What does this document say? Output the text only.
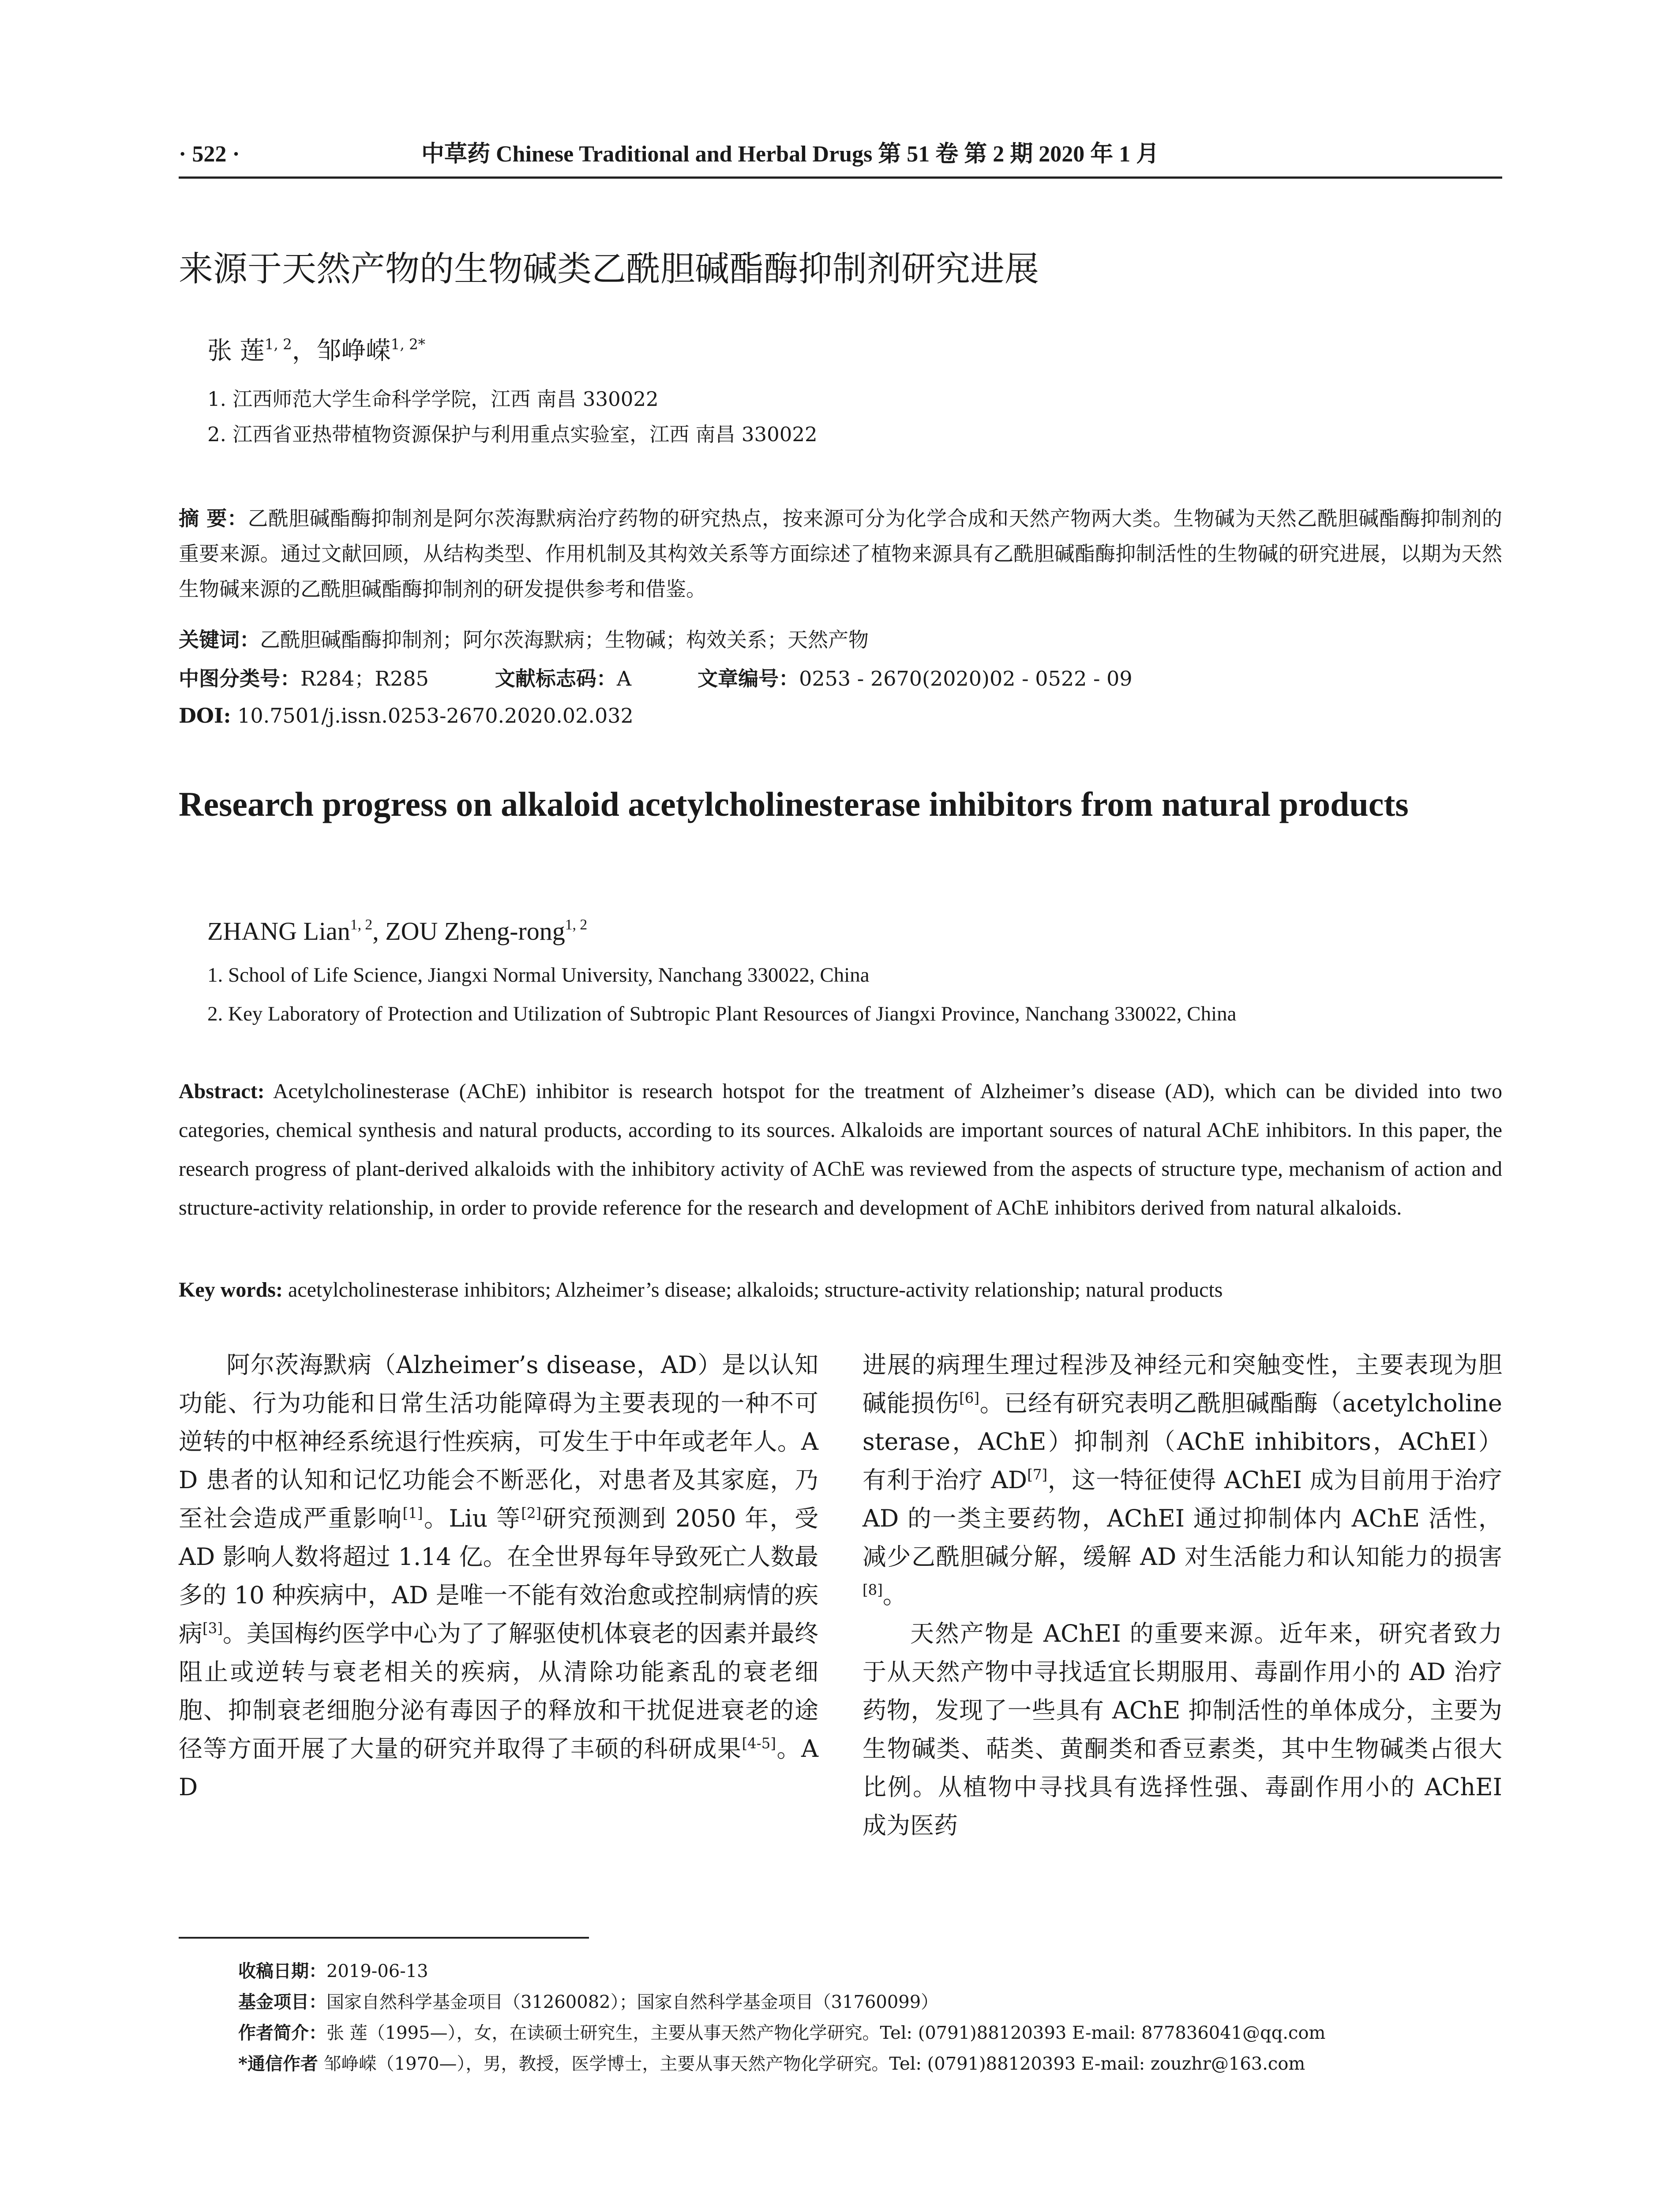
· 522 ·	中草药 Chinese Traditional and Herbal Drugs 第 51 卷 第 2 期 2020 年 1 月
来源于天然产物的生物碱类乙酰胆碱酯酶抑制剂研究进展
张 莲$^{1, 2}$，邹峥嵘$^{1, 2*}$
1. 江西师范大学生命科学学院，江西 南昌 330022
2. 江西省亚热带植物资源保护与利用重点实验室，江西 南昌 330022
摘 要：乙酰胆碱酯酶抑制剂是阿尔茨海默病治疗药物的研究热点，按来源可分为化学合成和天然产物两大类。生物碱为天然乙酰胆碱酯酶抑制剂的重要来源。通过文献回顾，从结构类型、作用机制及其构效关系等方面综述了植物来源具有乙酰胆碱酯酶抑制活性的生物碱的研究进展，以期为天然生物碱来源的乙酰胆碱酯酶抑制剂的研发提供参考和借鉴。
关键词：乙酰胆碱酯酶抑制剂；阿尔茨海默病；生物碱；构效关系；天然产物
中图分类号：R284；R285	文献标志码：A	文章编号：0253 - 2670(2020)02 - 0522 - 09
DOI: 10.7501/j.issn.0253-2670.2020.02.032
Research progress on alkaloid acetylcholinesterase inhibitors from natural products
ZHANG Lian$^{1, 2}$, ZOU Zheng-rong$^{1, 2}$
1. School of Life Science, Jiangxi Normal University, Nanchang 330022, China
2. Key Laboratory of Protection and Utilization of Subtropic Plant Resources of Jiangxi Province, Nanchang 330022, China
Abstract: Acetylcholinesterase (AChE) inhibitor is research hotspot for the treatment of Alzheimer’s disease (AD), which can be divided into two categories, chemical synthesis and natural products, according to its sources. Alkaloids are important sources of natural AChE inhibitors. In this paper, the research progress of plant-derived alkaloids with the inhibitory activity of AChE was reviewed from the aspects of structure type, mechanism of action and structure-activity relationship, in order to provide reference for the research and development of AChE inhibitors derived from natural alkaloids.
Key words: acetylcholinesterase inhibitors; Alzheimer’s disease; alkaloids; structure-activity relationship; natural products

阿尔茨海默病（Alzheimer’s disease，AD）是以认知功能、行为功能和日常生活功能障碍为主要表现的一种不可逆转的中枢神经系统退行性疾病，可发生于中年或老年人。AD 患者的认知和记忆功能会不断恶化，对患者及其家庭，乃至社会造成严重影响[1]。Liu 等[2]研究预测到 2050 年，受 AD 影响人数将超过 1.14 亿。在全世界每年导致死亡人数最多的 10 种疾病中，AD 是唯一不能有效治愈或控制病情的疾病[3]。美国梅约医学中心为了了解驱使机体衰老的因素并最终阻止或逆转与衰老相关的疾病，从清除功能紊乱的衰老细胞、抑制衰老细胞分泌有毒因子的释放和干扰促进衰老的途径等方面开展了大量的研究并取得了丰硕的科研成果[4-5]。AD

进展的病理生理过程涉及神经元和突触变性，主要表现为胆碱能损伤[6]。已经有研究表明乙酰胆碱酯酶（acetylcholinesterase，AChE）抑制剂（AChE inhibitors，AChEI）有利于治疗 AD[7]，这一特征使得 AChEI 成为目前用于治疗 AD 的一类主要药物，AChEI 通过抑制体内 AChE 活性，减少乙酰胆碱分解，缓解 AD 对生活能力和认知能力的损害[8]。

天然产物是 AChEI 的重要来源。近年来，研究者致力于从天然产物中寻找适宜长期服用、毒副作用小的 AD 治疗药物，发现了一些具有 AChE 抑制活性的单体成分，主要为生物碱类、萜类、黄酮类和香豆素类，其中生物碱类占很大比例。从植物中寻找具有选择性强、毒副作用小的 AChEI 成为医药

收稿日期：2019-06-13
基金项目：国家自然科学基金项目（31260082）；国家自然科学基金项目（31760099）
作者简介：张 莲（1995—），女，在读硕士研究生，主要从事天然产物化学研究。Tel: (0791)88120393 E-mail: 877836041@qq.com
*通信作者 邹峥嵘（1970—），男，教授，医学博士，主要从事天然产物化学研究。Tel: (0791)88120393 E-mail: zouzhr@163.com
